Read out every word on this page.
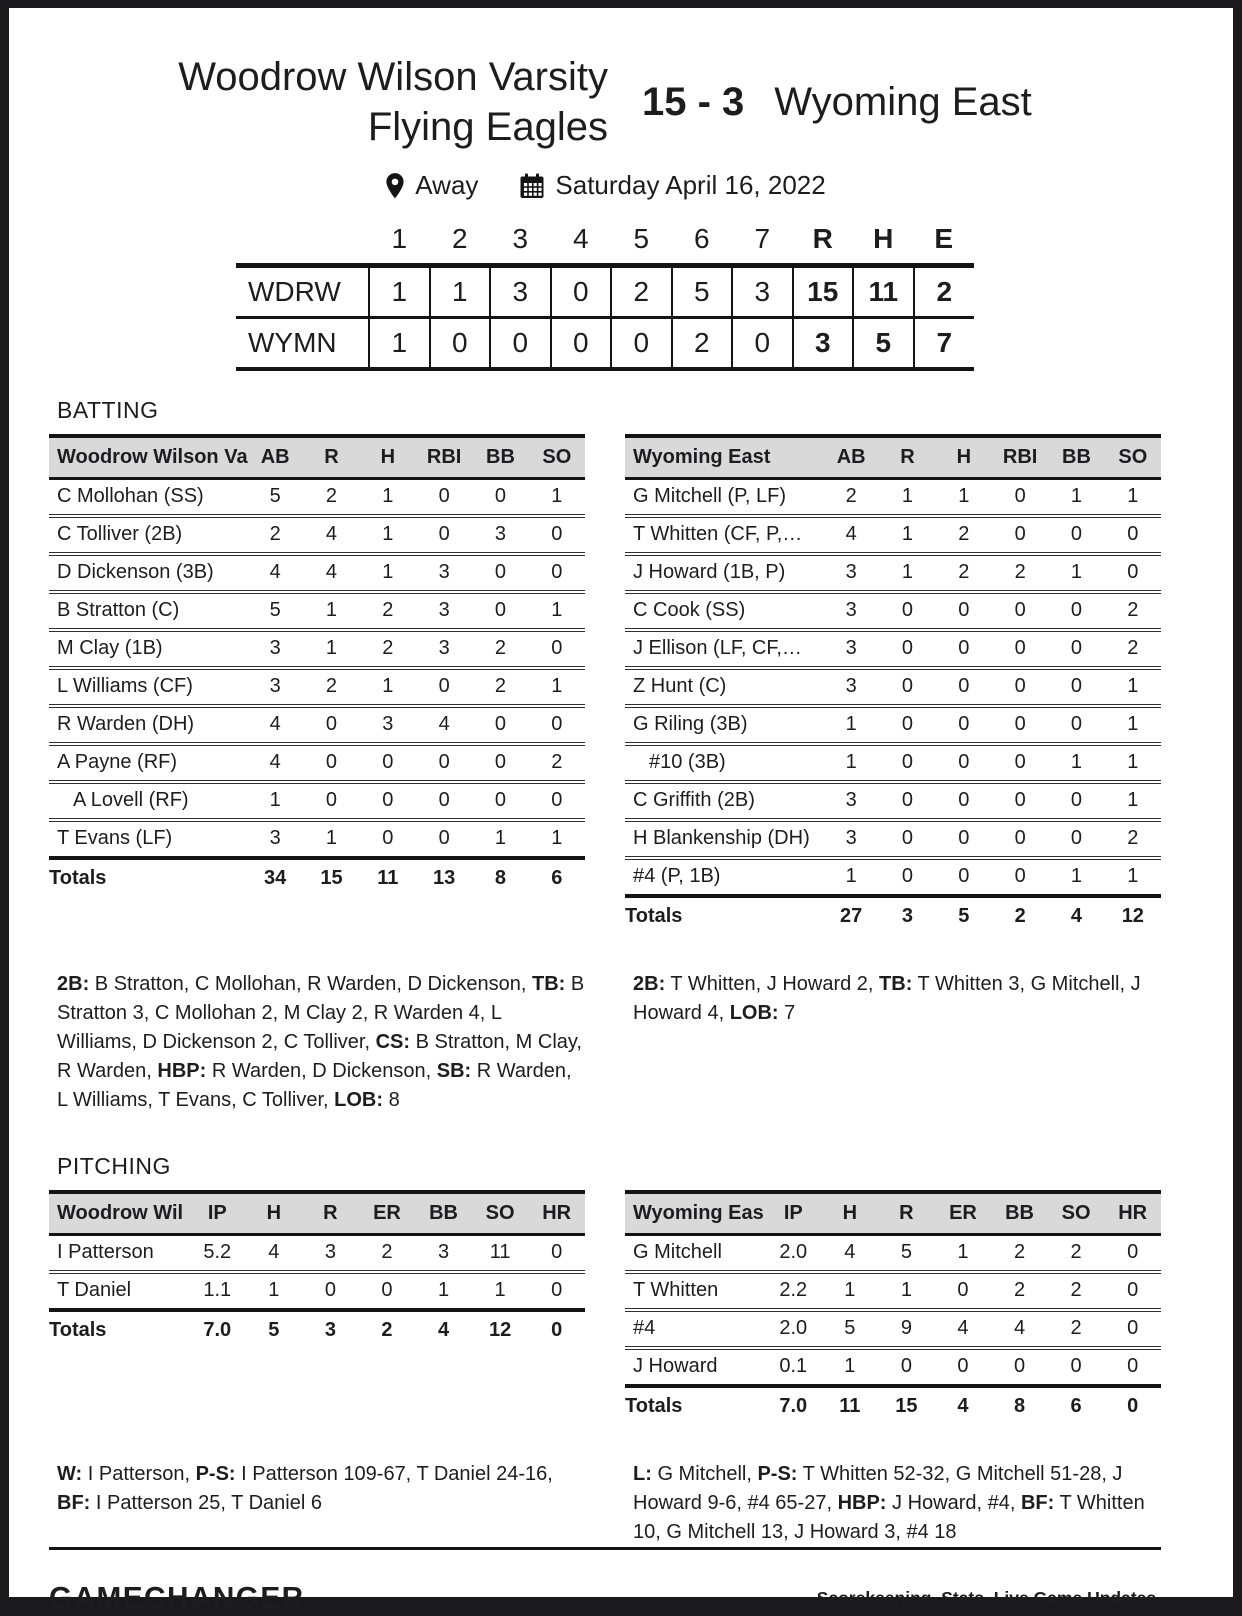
Woodrow Wilson Varsity
Flying Eagles
15 - 3 Wyoming East
Away	Saturday April 16, 2022
	1	2	3	4	5	6	7	R	H	E
WDRW	1	1	3	0	2	5	3	15	11	2
WYMN	1	0	0	0	0	2	0	3	5	7
BATTING
Woodrow Wilson Va	AB	R	H	RBI	BB	SO
C Mollohan (SS)	5	2	1	0	0	1
C Tolliver (2B)	2	4	1	0	3	0
D Dickenson (3B)	4	4	1	3	0	0
B Stratton (C)	5	1	2	3	0	1
M Clay (1B)	3	1	2	3	2	0
L Williams (CF)	3	2	1	0	2	1
R Warden (DH)	4	0	3	4	0	0
A Payne (RF)	4	0	0	0	0	2
A Lovell (RF)	1	0	0	0	0	0
T Evans (LF)	3	1	0	0	1	1
Totals	34	15	11	13	8	6
Wyoming East	AB	R	H	RBI	BB	SO
G Mitchell (P, LF)	2	1	1	0	1	1
T Whitten (CF, P,…	4	1	2	0	0	0
J Howard (1B, P)	3	1	2	2	1	0
C Cook (SS)	3	0	0	0	0	2
J Ellison (LF, CF,…	3	0	0	0	0	2
Z Hunt (C)	3	0	0	0	0	1
G Riling (3B)	1	0	0	0	0	1
#10 (3B)	1	0	0	0	1	1
C Griffith (2B)	3	0	0	0	0	1
H Blankenship (DH)	3	0	0	0	0	2
#4 (P, 1B)	1	0	0	0	1	1
Totals	27	3	5	2	4	12
2B: B Stratton, C Mollohan, R Warden, D Dickenson, TB: B Stratton 3, C Mollohan 2, M Clay 2, R Warden 4, L Williams, D Dickenson 2, C Tolliver, CS: B Stratton, M Clay, R Warden, HBP: R Warden, D Dickenson, SB: R Warden, L Williams, T Evans, C Tolliver, LOB: 8
2B: T Whitten, J Howard 2, TB: T Whitten 3, G Mitchell, J Howard 4, LOB: 7
PITCHING
Woodrow Wil	IP	H	R	ER	BB	SO	HR
I Patterson	5.2	4	3	2	3	11	0
T Daniel	1.1	1	0	0	1	1	0
Totals	7.0	5	3	2	4	12	0
Wyoming Eas	IP	H	R	ER	BB	SO	HR
G Mitchell	2.0	4	5	1	2	2	0
T Whitten	2.2	1	1	0	2	2	0
#4	2.0	5	9	4	4	2	0
J Howard	0.1	1	0	0	0	0	0
Totals	7.0	11	15	4	8	6	0
W: I Patterson, P-S: I Patterson 109-67, T Daniel 24-16, BF: I Patterson 25, T Daniel 6
L: G Mitchell, P-S: T Whitten 52-32, G Mitchell 51-28, J Howard 9-6, #4 65-27, HBP: J Howard, #4, BF: T Whitten 10, G Mitchell 13, J Howard 3, #4 18
GAMECHANGER	Scorekeeping. Stats. Live Game Updates.
